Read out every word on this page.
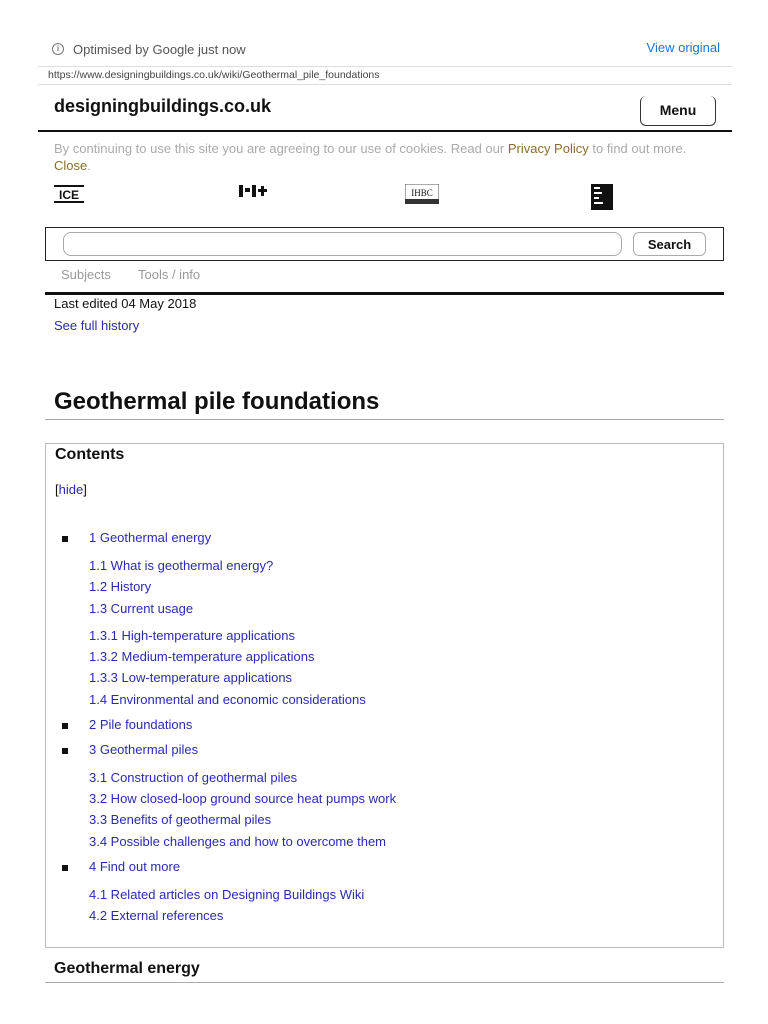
i	Optimised by Google just now	View original
https://www.designingbuildings.co.uk/wiki/Geothermal_pile_foundations
designingbuildings.co.uk	Menu
By continuing to use this site you are agreeing to our use of cookies. Read our Privacy Policy to find out more.
Close.
ICE	IHBC
Search
Subjects Tools / info
Last edited 04 May 2018
See full history
Geothermal pile foundations
Contents
[hide]
1 Geothermal energy
1.1 What is geothermal energy?
1.2 History
1.3 Current usage
1.3.1 High-temperature applications
1.3.2 Medium-temperature applications
1.3.3 Low-temperature applications
1.4 Environmental and economic considerations
2 Pile foundations
3 Geothermal piles
3.1 Construction of geothermal piles
3.2 How closed-loop ground source heat pumps work
3.3 Benefits of geothermal piles
3.4 Possible challenges and how to overcome them
4 Find out more
4.1 Related articles on Designing Buildings Wiki
4.2 External references
Geothermal energy
